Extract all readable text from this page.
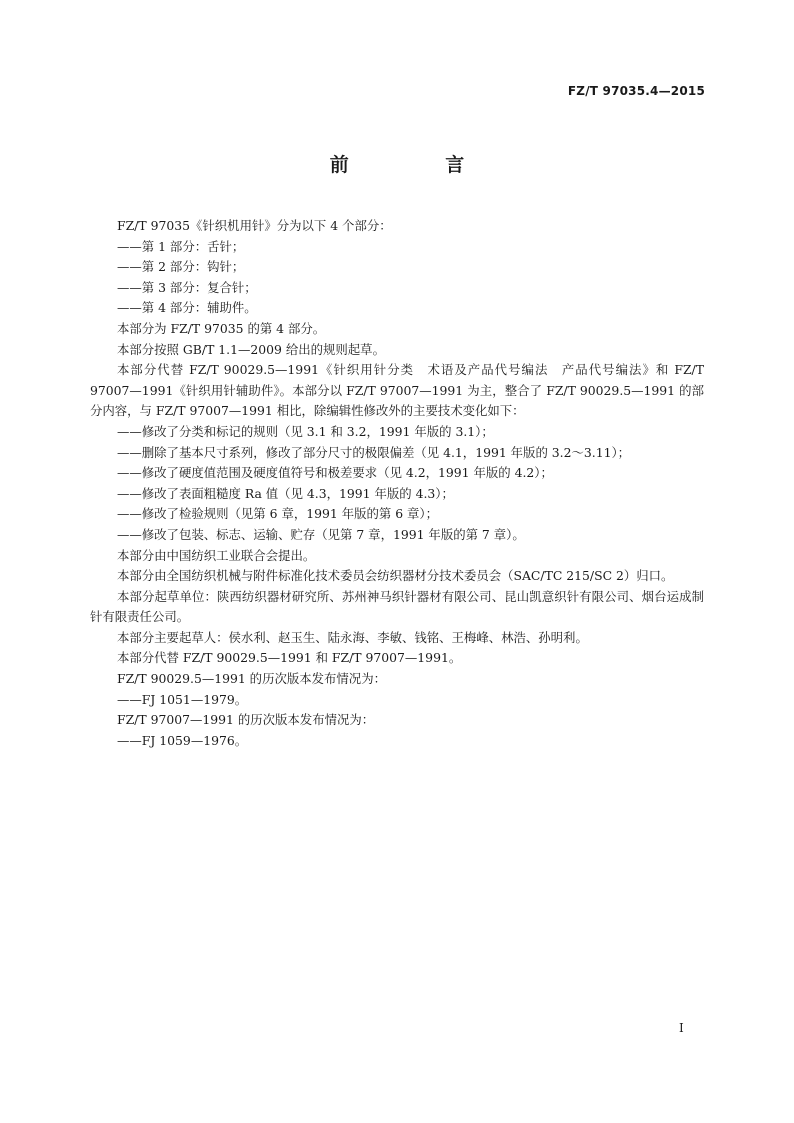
FZ/T 97035.4—2015
前 言

FZ/T 97035《针织机用针》分为以下 4 个部分：

——第 1 部分：舌针；

——第 2 部分：钩针；

——第 3 部分：复合针；

——第 4 部分：辅助件。

本部分为 FZ/T 97035 的第 4 部分。

本部分按照 GB/T 1.1—2009 给出的规则起草。

本部分代替 FZ/T 90029.5—1991《针织用针分类　术语及产品代号编法　产品代号编法》和 FZ/T 97007—1991《针织用针辅助件》。本部分以 FZ/T 97007—1991 为主，整合了 FZ/T 90029.5—1991 的部分内容，与 FZ/T 97007—1991 相比，除编辑性修改外的主要技术变化如下：

——修改了分类和标记的规则（见 3.1 和 3.2，1991 年版的 3.1）；

——删除了基本尺寸系列，修改了部分尺寸的极限偏差（见 4.1，1991 年版的 3.2～3.11）；

——修改了硬度值范围及硬度值符号和极差要求（见 4.2，1991 年版的 4.2）；

——修改了表面粗糙度 Ra 值（见 4.3，1991 年版的 4.3）；

——修改了检验规则（见第 6 章，1991 年版的第 6 章）；

——修改了包装、标志、运输、贮存（见第 7 章，1991 年版的第 7 章）。

本部分由中国纺织工业联合会提出。

本部分由全国纺织机械与附件标准化技术委员会纺织器材分技术委员会（SAC/TC 215/SC 2）归口。

本部分起草单位：陕西纺织器材研究所、苏州神马织针器材有限公司、昆山凯意织针有限公司、烟台运成制针有限责任公司。

本部分主要起草人：侯水利、赵玉生、陆永海、李敏、钱铭、王梅峰、林浩、孙明利。

本部分代替 FZ/T 90029.5—1991 和 FZ/T 97007—1991。

FZ/T 90029.5—1991 的历次版本发布情况为：

——FJ 1051—1979。

FZ/T 97007—1991 的历次版本发布情况为：

——FJ 1059—1976。

I
